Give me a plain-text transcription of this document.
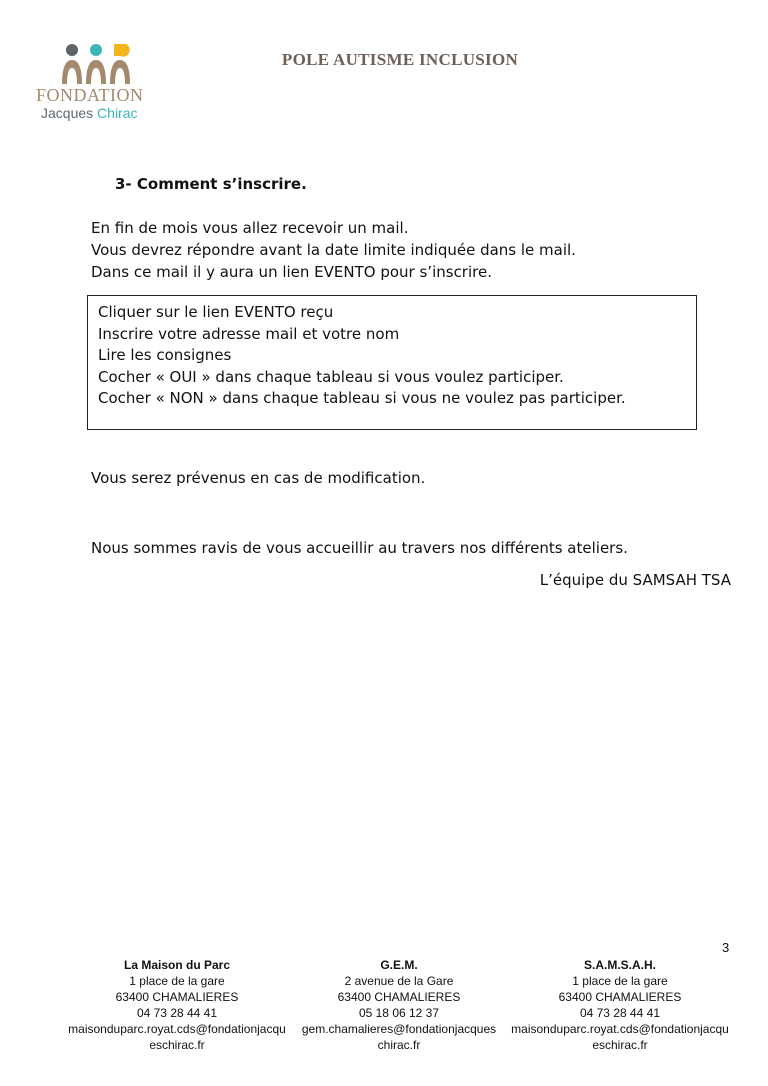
FONDATION
Jacques Chirac
POLE AUTISME INCLUSION
3- Comment s’inscrire.
En fin de mois vous allez recevoir un mail.
Vous devrez répondre avant la date limite indiquée dans le mail.
Dans ce mail il y aura un lien EVENTO pour s’inscrire.
Cliquer sur le lien EVENTO reçu
Inscrire votre adresse mail et votre nom
Lire les consignes
Cocher « OUI » dans chaque tableau si vous voulez participer.
Cocher « NON » dans chaque tableau si vous ne voulez pas participer.
Vous serez prévenus en cas de modification.
Nous sommes ravis de vous accueillir au travers nos différents ateliers.
L’équipe du SAMSAH TSA
3
La Maison du Parc
1 place de la gare
63400 CHAMALIERES
04 73 28 44 41
maisonduparc.royat.cds@fondationjacqu
eschirac.fr
G.E.M.
2 avenue de la Gare
63400 CHAMALIERES
05 18 06 12 37
gem.chamalieres@fondationjacques
chirac.fr
S.A.M.S.A.H.
1 place de la gare
63400 CHAMALIERES
04 73 28 44 41
maisonduparc.royat.cds@fondationjacqu
eschirac.fr
